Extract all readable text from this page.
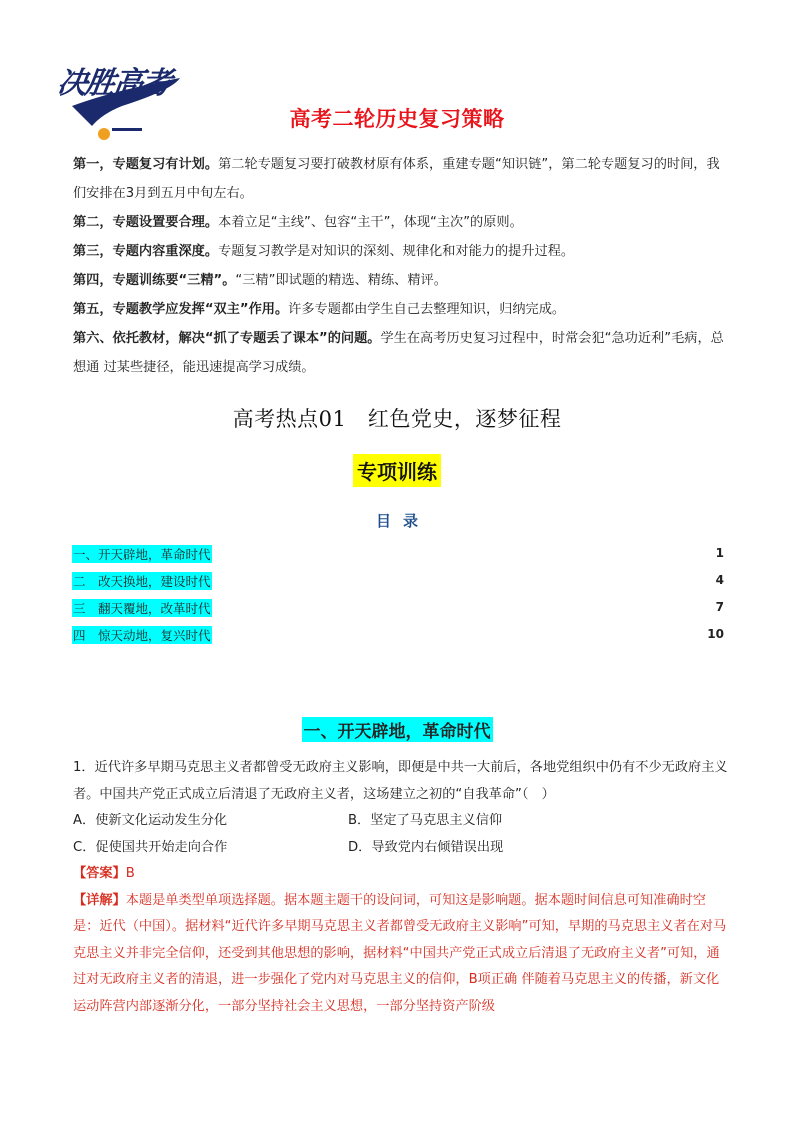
决胜高考
高考二轮历史复习策略

第一，专题复习有计划。第二轮专题复习要打破教材原有体系，重建专题“知识链”，第二轮专题复习的时间，我们安排在3月到五月中旬左右。

第二，专题设置要合理。本着立足“主线”、包容“主干”，体现“主次”的原则。

第三，专题内容重深度。专题复习教学是对知识的深刻、规律化和对能力的提升过程。

第四，专题训练要“三精”。“三精”即试题的精选、精练、精评。

第五，专题教学应发挥“双主”作用。许多专题都由学生自己去整理知识，归纳完成。

第六、依托教材，解决“抓了专题丢了课本”的问题。学生在高考历史复习过程中，时常会犯“急功近利”毛病，总想通 过某些捷径，能迅速提高学习成绩。

高考热点01　红色党史，逐梦征程
专项训练
目录
一、开天辟地，革命时代	1
二　改天换地，建设时代	4
三　翻天覆地，改革时代	7
四　惊天动地，复兴时代	10
一、开天辟地，革命时代

1．近代许多早期马克思主义者都曾受无政府主义影响，即便是中共一大前后，各地党组织中仍有不少无政府主义者。中国共产党正式成立后清退了无政府主义者，这场建立之初的“自我革命”（　）

A．使新文化运动发生分化	B．坚定了马克思主义信仰
C．促使国共开始走向合作	D．导致党内右倾错误出现

【答案】B

【详解】本题是单类型单项选择题。据本题主题干的设问词，可知这是影响题。据本题时间信息可知准确时空是：近代（中国）。据材料“近代许多早期马克思主义者都曾受无政府主义影响”可知，早期的马克思主义者在对马克思主义并非完全信仰，还受到其他思想的影响，据材料“中国共产党正式成立后清退了无政府主义者”可知，通过对无政府主义者的清退，进一步强化了党内对马克思主义的信仰，B项正确 伴随着马克思主义的传播，新文化运动阵营内部逐渐分化，一部分坚持社会主义思想，一部分坚持资产阶级
